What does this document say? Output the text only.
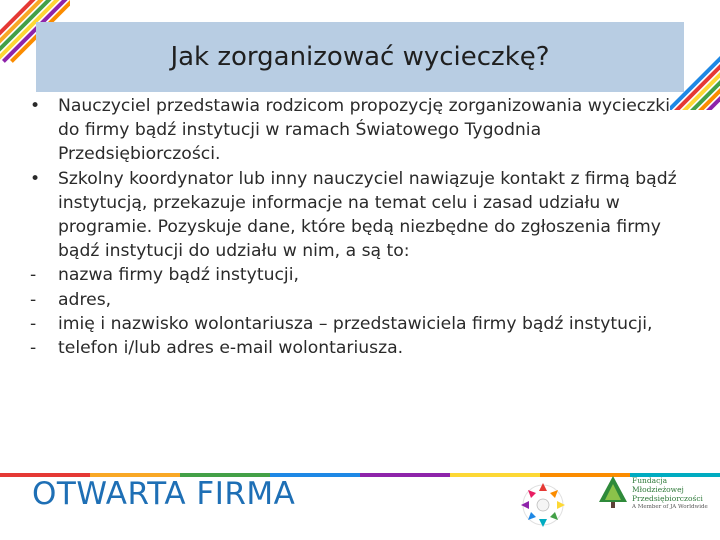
Jak zorganizować wycieczkę?
•	Nauczyciel przedstawia rodzicom propozycję zorganizowania wycieczki do firmy bądź instytucji w ramach Światowego Tygodnia Przedsiębiorczości.
•	Szkolny koordynator lub inny nauczyciel nawiązuje kontakt z firmą bądź instytucją, przekazuje informacje na temat celu i zasad udziału w programie. Pozyskuje dane, które będą niezbędne do zgłoszenia firmy bądź instytucji do udziału w nim, a są to:
-	nazwa firmy bądź instytucji,
-	adres,
-	imię i nazwisko wolontariusza – przedstawiciela firmy bądź instytucji,
-	telefon i/lub adres e-mail wolontariusza.
OTWARTA FIRMA	Fundacja
Młodzieżowej
Przedsiębiorczości
A Member of JA Worldwide
